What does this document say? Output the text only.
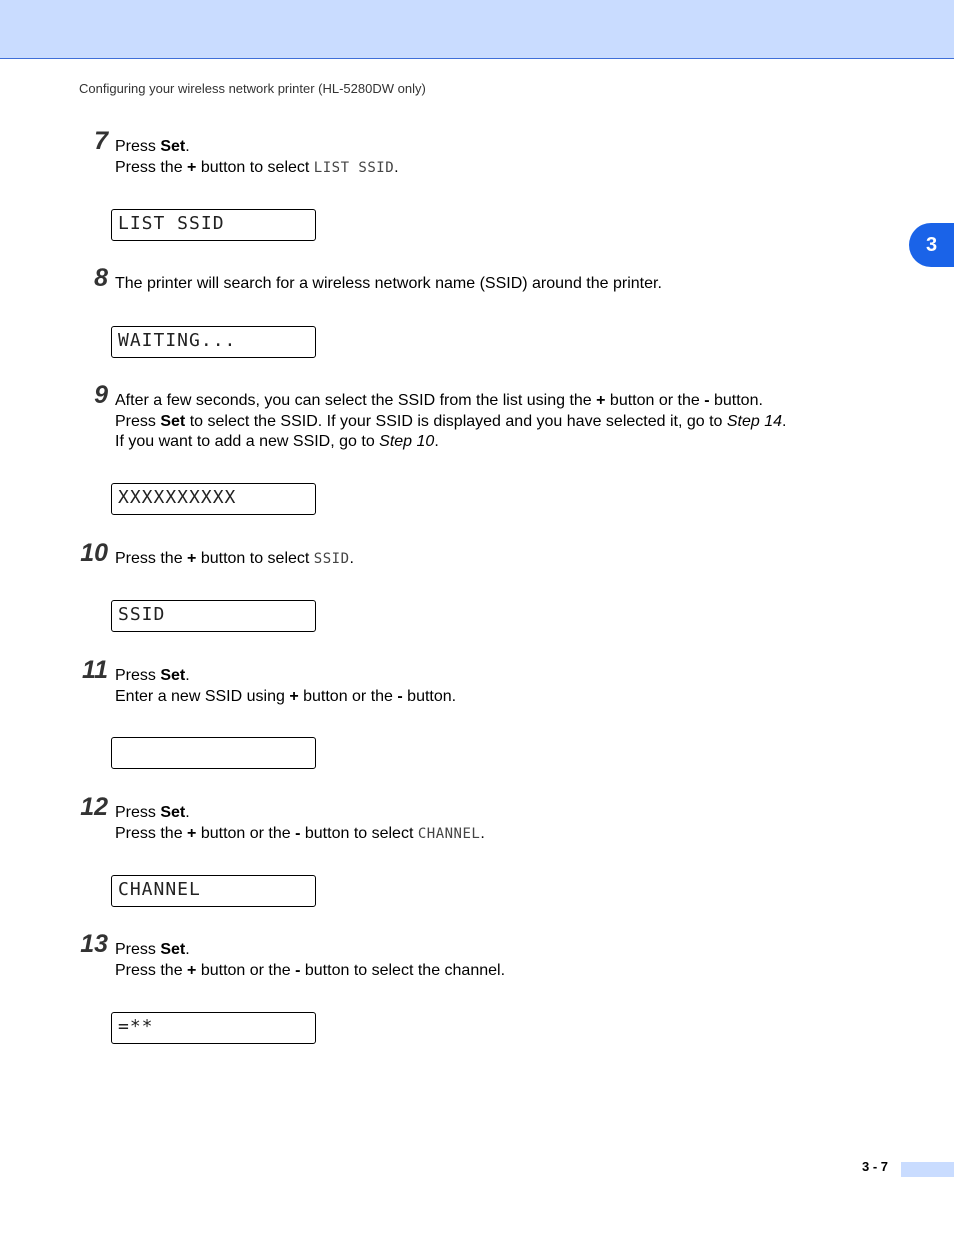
Configuring your wireless network printer (HL-5280DW only)
3
7 Press Set.
Press the + button to select LIST SSID.
LIST SSID
8 The printer will search for a wireless network name (SSID) around the printer.
WAITING...
9 After a few seconds, you can select the SSID from the list using the + button or the - button.
Press Set to select the SSID. If your SSID is displayed and you have selected it, go to Step 14.
If you want to add a new SSID, go to Step 10.
XXXXXXXXXX
10 Press the + button to select SSID.
SSID
11 Press Set.
Enter a new SSID using + button or the - button.
12 Press Set.
Press the + button or the - button to select CHANNEL.
CHANNEL
13 Press Set.
Press the + button or the - button to select the channel.
=**
3 - 7
